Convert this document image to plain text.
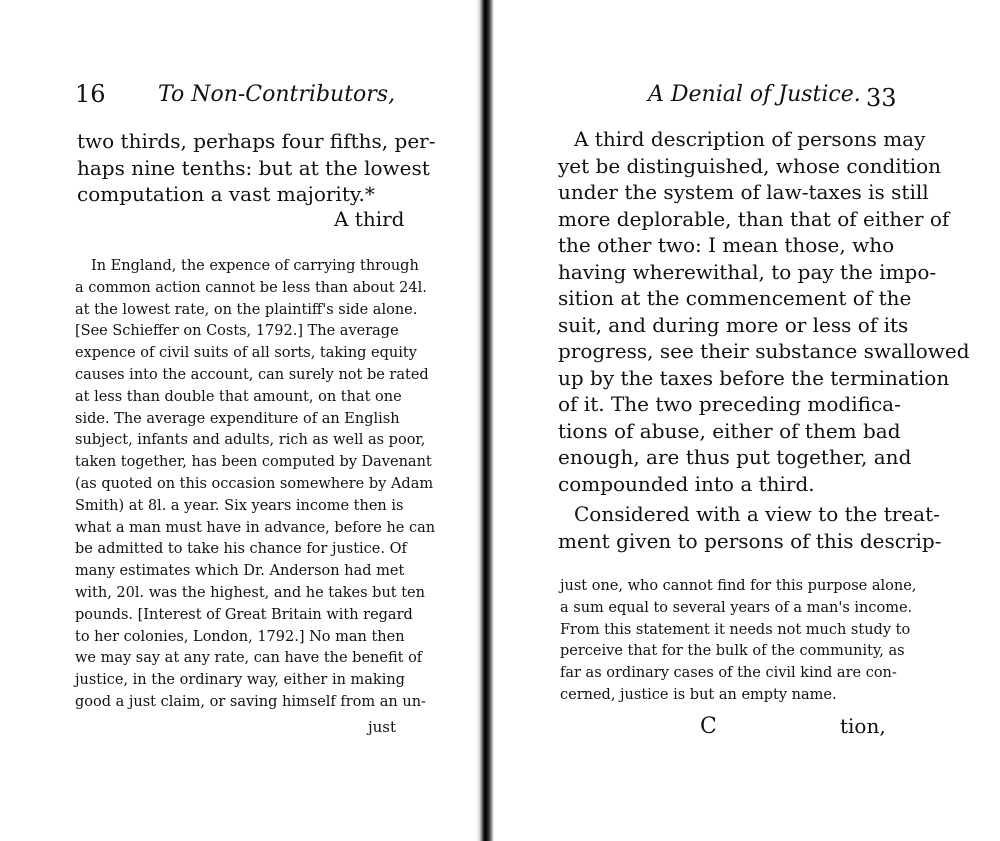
16 To Non-Contributors,
two thirds, perhaps four fifths, per-
haps nine tenths: but at the lowest
computation a vast majority.*
A third
In England, the expence of carrying through
a common action cannot be less than about 24l.
at the lowest rate, on the plaintiff's side alone.
[See Schieffer on Costs, 1792.] The average
expence of civil suits of all sorts, taking equity
causes into the account, can surely not be rated
at less than double that amount, on that one
side. The average expenditure of an English
subject, infants and adults, rich as well as poor,
taken together, has been computed by Davenant
(as quoted on this occasion somewhere by Adam
Smith) at 8l. a year. Six years income then is
what a man must have in advance, before he can
be admitted to take his chance for justice. Of
many estimates which Dr. Anderson had met
with, 20l. was the highest, and he takes but ten
pounds. [Interest of Great Britain with regard
to her colonies, London, 1792.] No man then
we may say at any rate, can have the benefit of
justice, in the ordinary way, either in making
good a just claim, or saving himself from an un-
just
A Denial of Justice. 33
A third description of persons may
yet be distinguished, whose condition
under the system of law-taxes is still
more deplorable, than that of either of
the other two: I mean those, who
having wherewithal, to pay the impo-
sition at the commencement of the
suit, and during more or less of its
progress, see their substance swallowed
up by the taxes before the termination
of it. The two preceding modifica-
tions of abuse, either of them bad
enough, are thus put together, and
compounded into a third.
Considered with a view to the treat-
ment given to persons of this descrip-
just one, who cannot find for this purpose alone,
a sum equal to several years of a man's income.
From this statement it needs not much study to
perceive that for the bulk of the community, as
far as ordinary cases of the civil kind are con-
cerned, justice is but an empty name.
C	tion,
